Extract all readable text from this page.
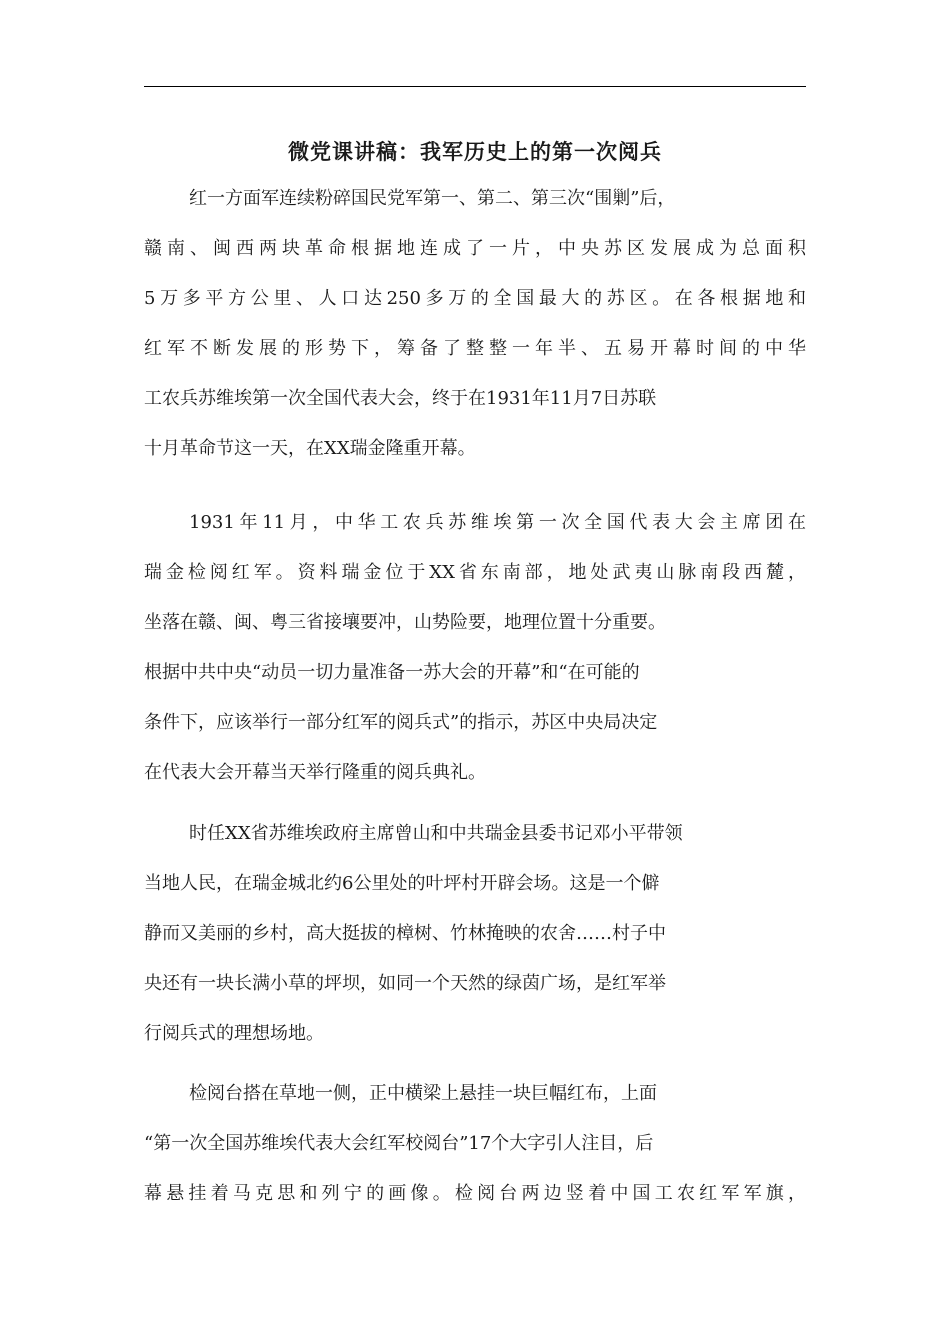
微党课讲稿：我军历史上的第一次阅兵
红一方面军连续粉碎国民党军第一、第二、第三次“围剿”后，
赣南、闽西两块革命根据地连成了一片，中央苏区发展成为总面积
5万多平方公里、人口达250多万的全国最大的苏区。在各根据地和
红军不断发展的形势下，筹备了整整一年半、五易开幕时间的中华
工农兵苏维埃第一次全国代表大会，终于在1931年11月7日苏联
十月革命节这一天，在XX瑞金隆重开幕。
1931年11月，中华工农兵苏维埃第一次全国代表大会主席团在
瑞金检阅红军。资料瑞金位于XX省东南部，地处武夷山脉南段西麓，
坐落在赣、闽、粤三省接壤要冲，山势险要，地理位置十分重要。
根据中共中央“动员一切力量准备一苏大会的开幕”和“在可能的
条件下，应该举行一部分红军的阅兵式”的指示，苏区中央局决定
在代表大会开幕当天举行隆重的阅兵典礼。
时任XX省苏维埃政府主席曾山和中共瑞金县委书记邓小平带领
当地人民，在瑞金城北约6公里处的叶坪村开辟会场。这是一个僻
静而又美丽的乡村，高大挺拔的樟树、竹林掩映的农舍……村子中
央还有一块长满小草的坪坝，如同一个天然的绿茵广场，是红军举
行阅兵式的理想场地。
检阅台搭在草地一侧，正中横梁上悬挂一块巨幅红布，上面
“第一次全国苏维埃代表大会红军校阅台”17个大字引人注目，后
幕悬挂着马克思和列宁的画像。检阅台两边竖着中国工农红军军旗，
